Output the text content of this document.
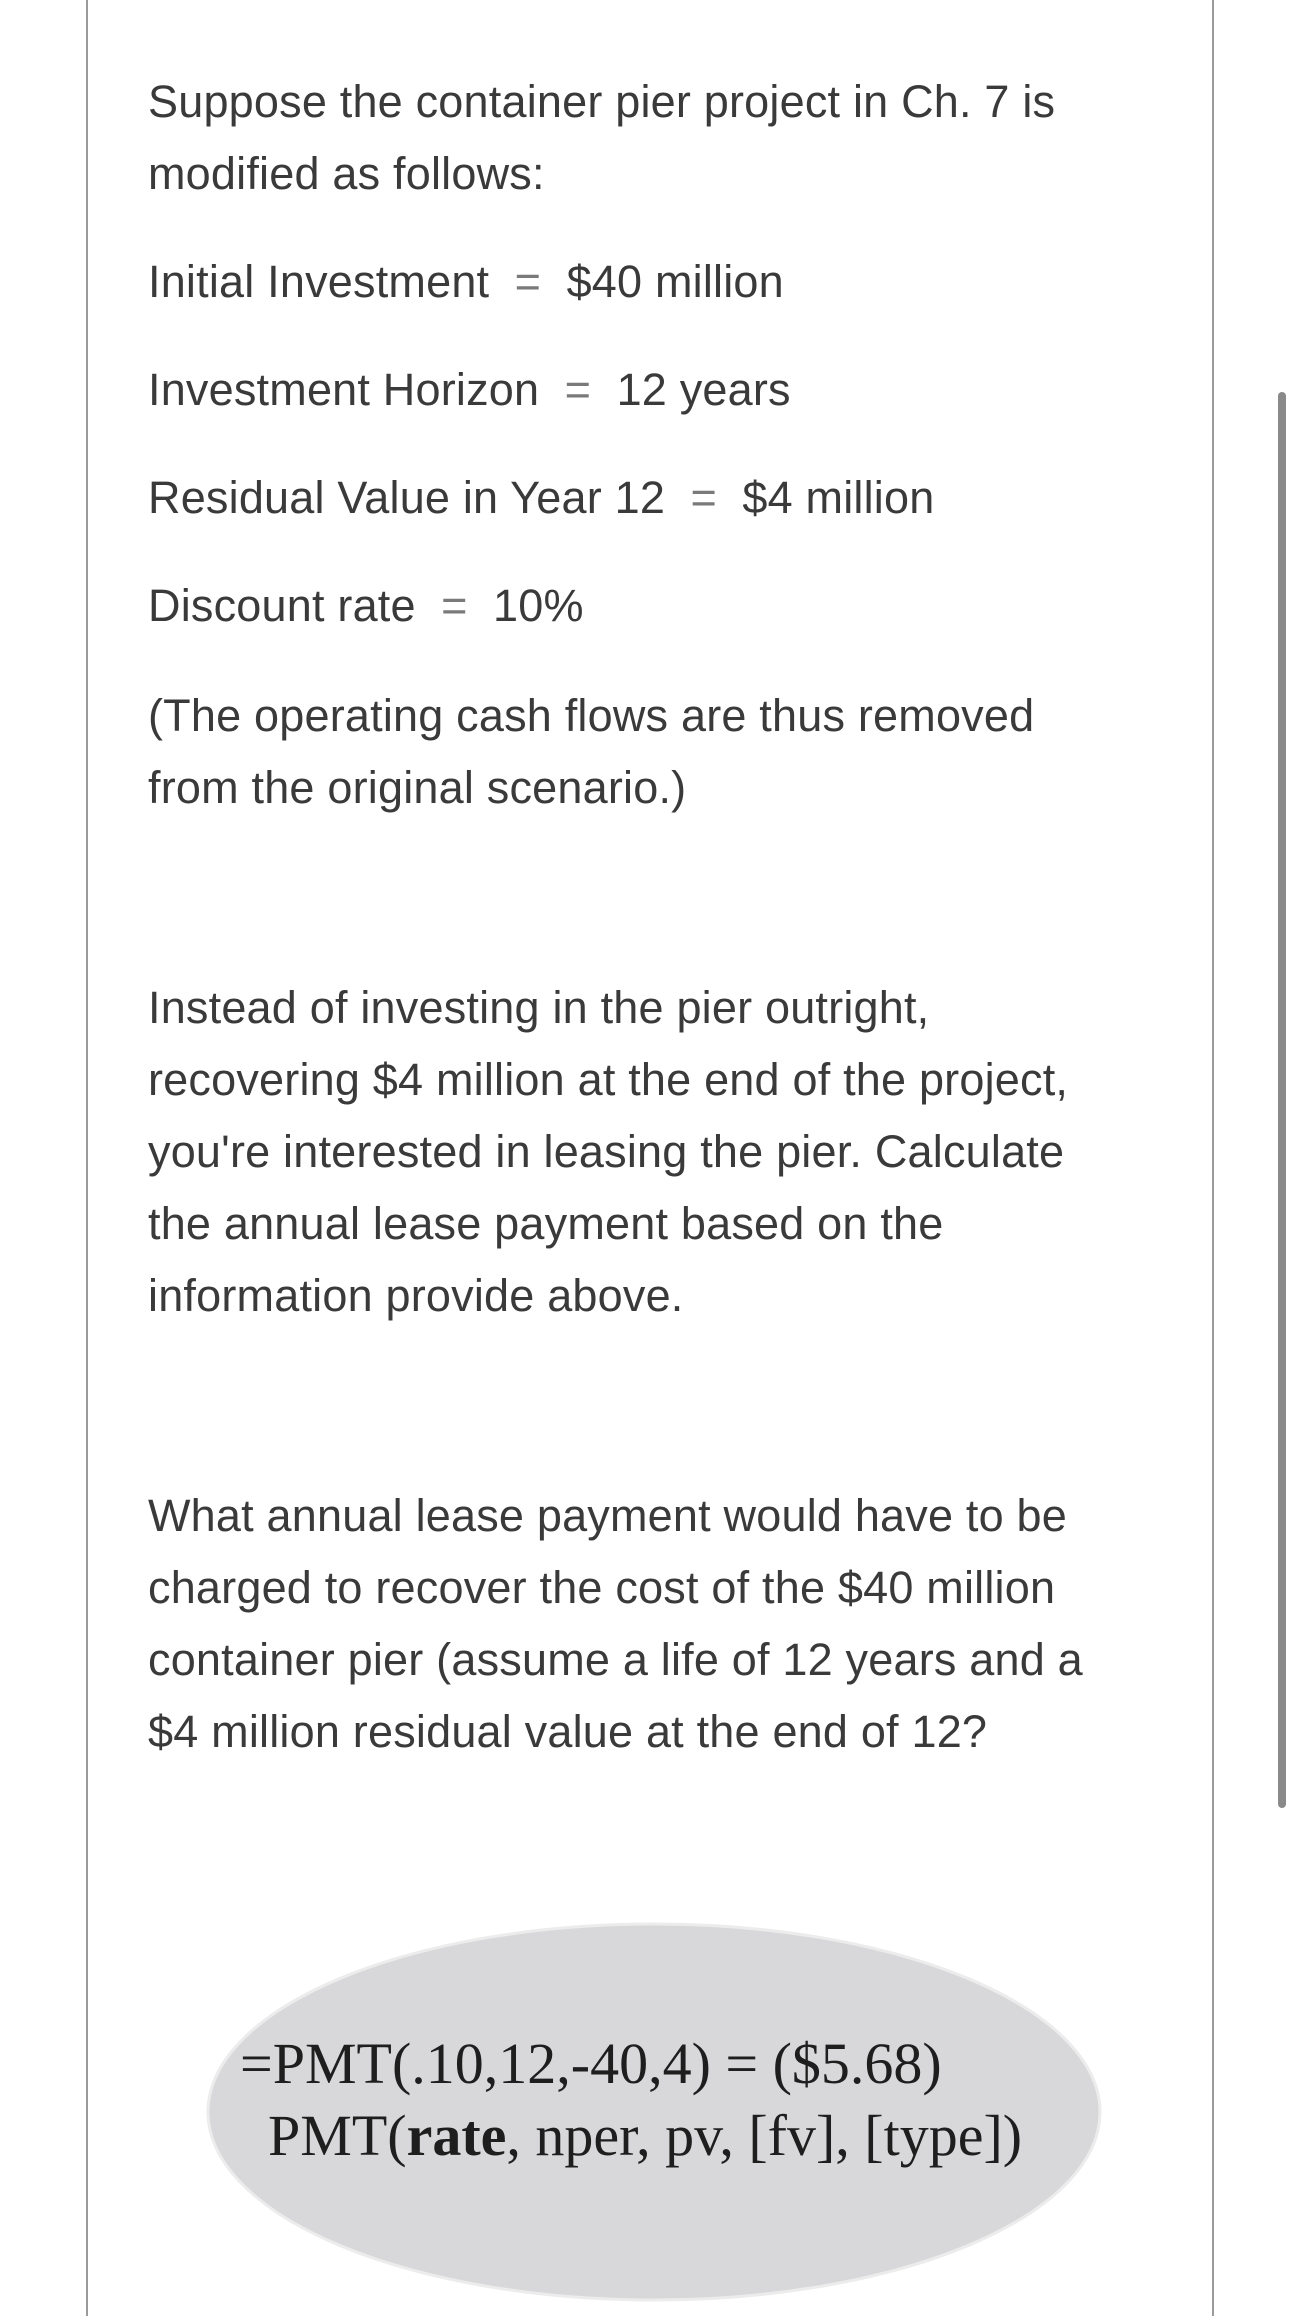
Suppose the container pier project in Ch. 7 is
modified as follows:

Initial Investment  =  $40 million

Investment Horizon  =  12 years

Residual Value in Year 12  =  $4 million

Discount rate  =  10%

(The operating cash flows are thus removed
from the original scenario.)

Instead of investing in the pier outright,
recovering $4 million at the end of the project,
you're interested in leasing the pier. Calculate
the annual lease payment based on the
information provide above.

What annual lease payment would have to be
charged to recover the cost of the $40 million
container pier (assume a life of 12 years and a
$4 million residual value at the end of 12?

=PMT(.10,12,-40,4) = ($5.68)
PMT(rate, nper, pv, [fv], [type])
